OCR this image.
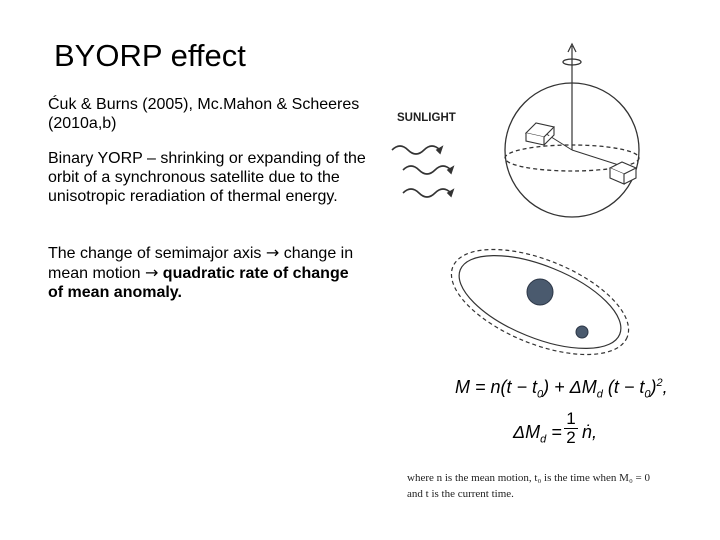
BYORP effect
Ćuk & Burns (2005), Mc.Mahon & Scheeres (2010a,b)
Binary YORP – shrinking or expanding of the orbit of a synchronous satellite due to the unisotropic reradiation of thermal energy.
The change of semimajor axis → change in mean motion → quadratic rate of change of mean anomaly.
SUNLIGHT
$M = n(t - t_0) + \Delta M_d$ $(t - t_0)^2$,
$\Delta M_d = \frac{1}{2}$ ṅ,
where n is the mean motion, t₀ is the time when M₀ = 0
and t is the current time.
